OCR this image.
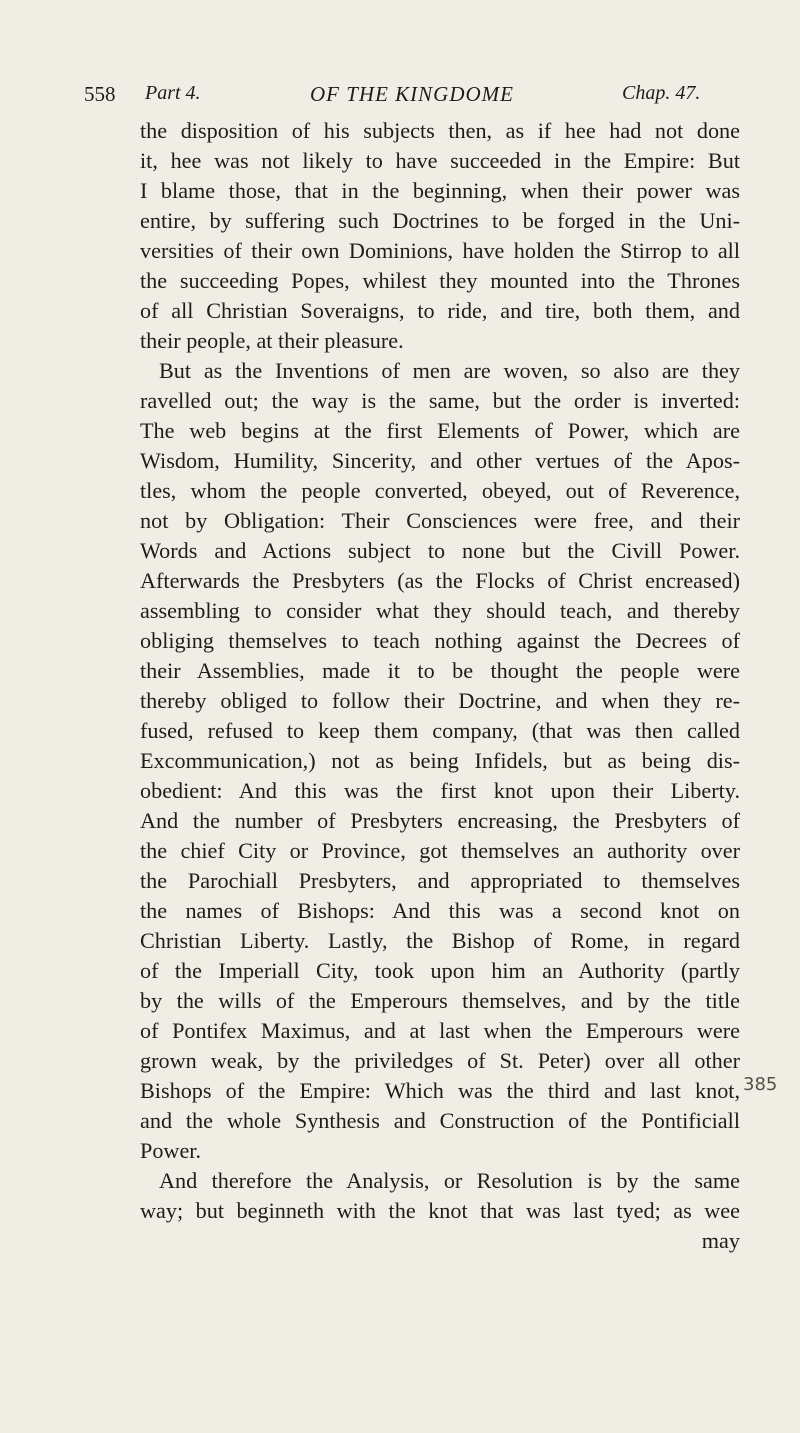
558 Part 4.	OF THE KINGDOME	Chap. 47.
the disposition of his subjects then, as if hee had not done
it, hee was not likely to have succeeded in the Empire: But
I blame those, that in the beginning, when their power was
entire, by suffering such Doctrines to be forged in the Uni-
versities of their own Dominions, have holden the Stirrop to all
the succeeding Popes, whilest they mounted into the Thrones
of all Christian Soveraigns, to ride, and tire, both them, and
their people, at their pleasure.
But as the Inventions of men are woven, so also are they
ravelled out; the way is the same, but the order is inverted:
The web begins at the first Elements of Power, which are
Wisdom, Humility, Sincerity, and other vertues of the Apos-
tles, whom the people converted, obeyed, out of Reverence,
not by Obligation: Their Consciences were free, and their
Words and Actions subject to none but the Civill Power.
Afterwards the Presbyters (as the Flocks of Christ encreased)
assembling to consider what they should teach, and thereby
obliging themselves to teach nothing against the Decrees of
their Assemblies, made it to be thought the people were
thereby obliged to follow their Doctrine, and when they re-
fused, refused to keep them company, (that was then called
Excommunication,) not as being Infidels, but as being dis-
obedient: And this was the first knot upon their Liberty.
And the number of Presbyters encreasing, the Presbyters of
the chief City or Province, got themselves an authority over
the Parochiall Presbyters, and appropriated to themselves
the names of Bishops: And this was a second knot on
Christian Liberty. Lastly, the Bishop of Rome, in regard
of the Imperiall City, took upon him an Authority (partly
by the wills of the Emperours themselves, and by the title
of Pontifex Maximus, and at last when the Emperours were
grown weak, by the priviledges of St. Peter) over all other
Bishops of the Empire: Which was the third and last knot,
and the whole Synthesis and Construction of the Pontificiall
Power.
And therefore the Analysis, or Resolution is by the same
way; but beginneth with the knot that was last tyed; as wee
may
385
